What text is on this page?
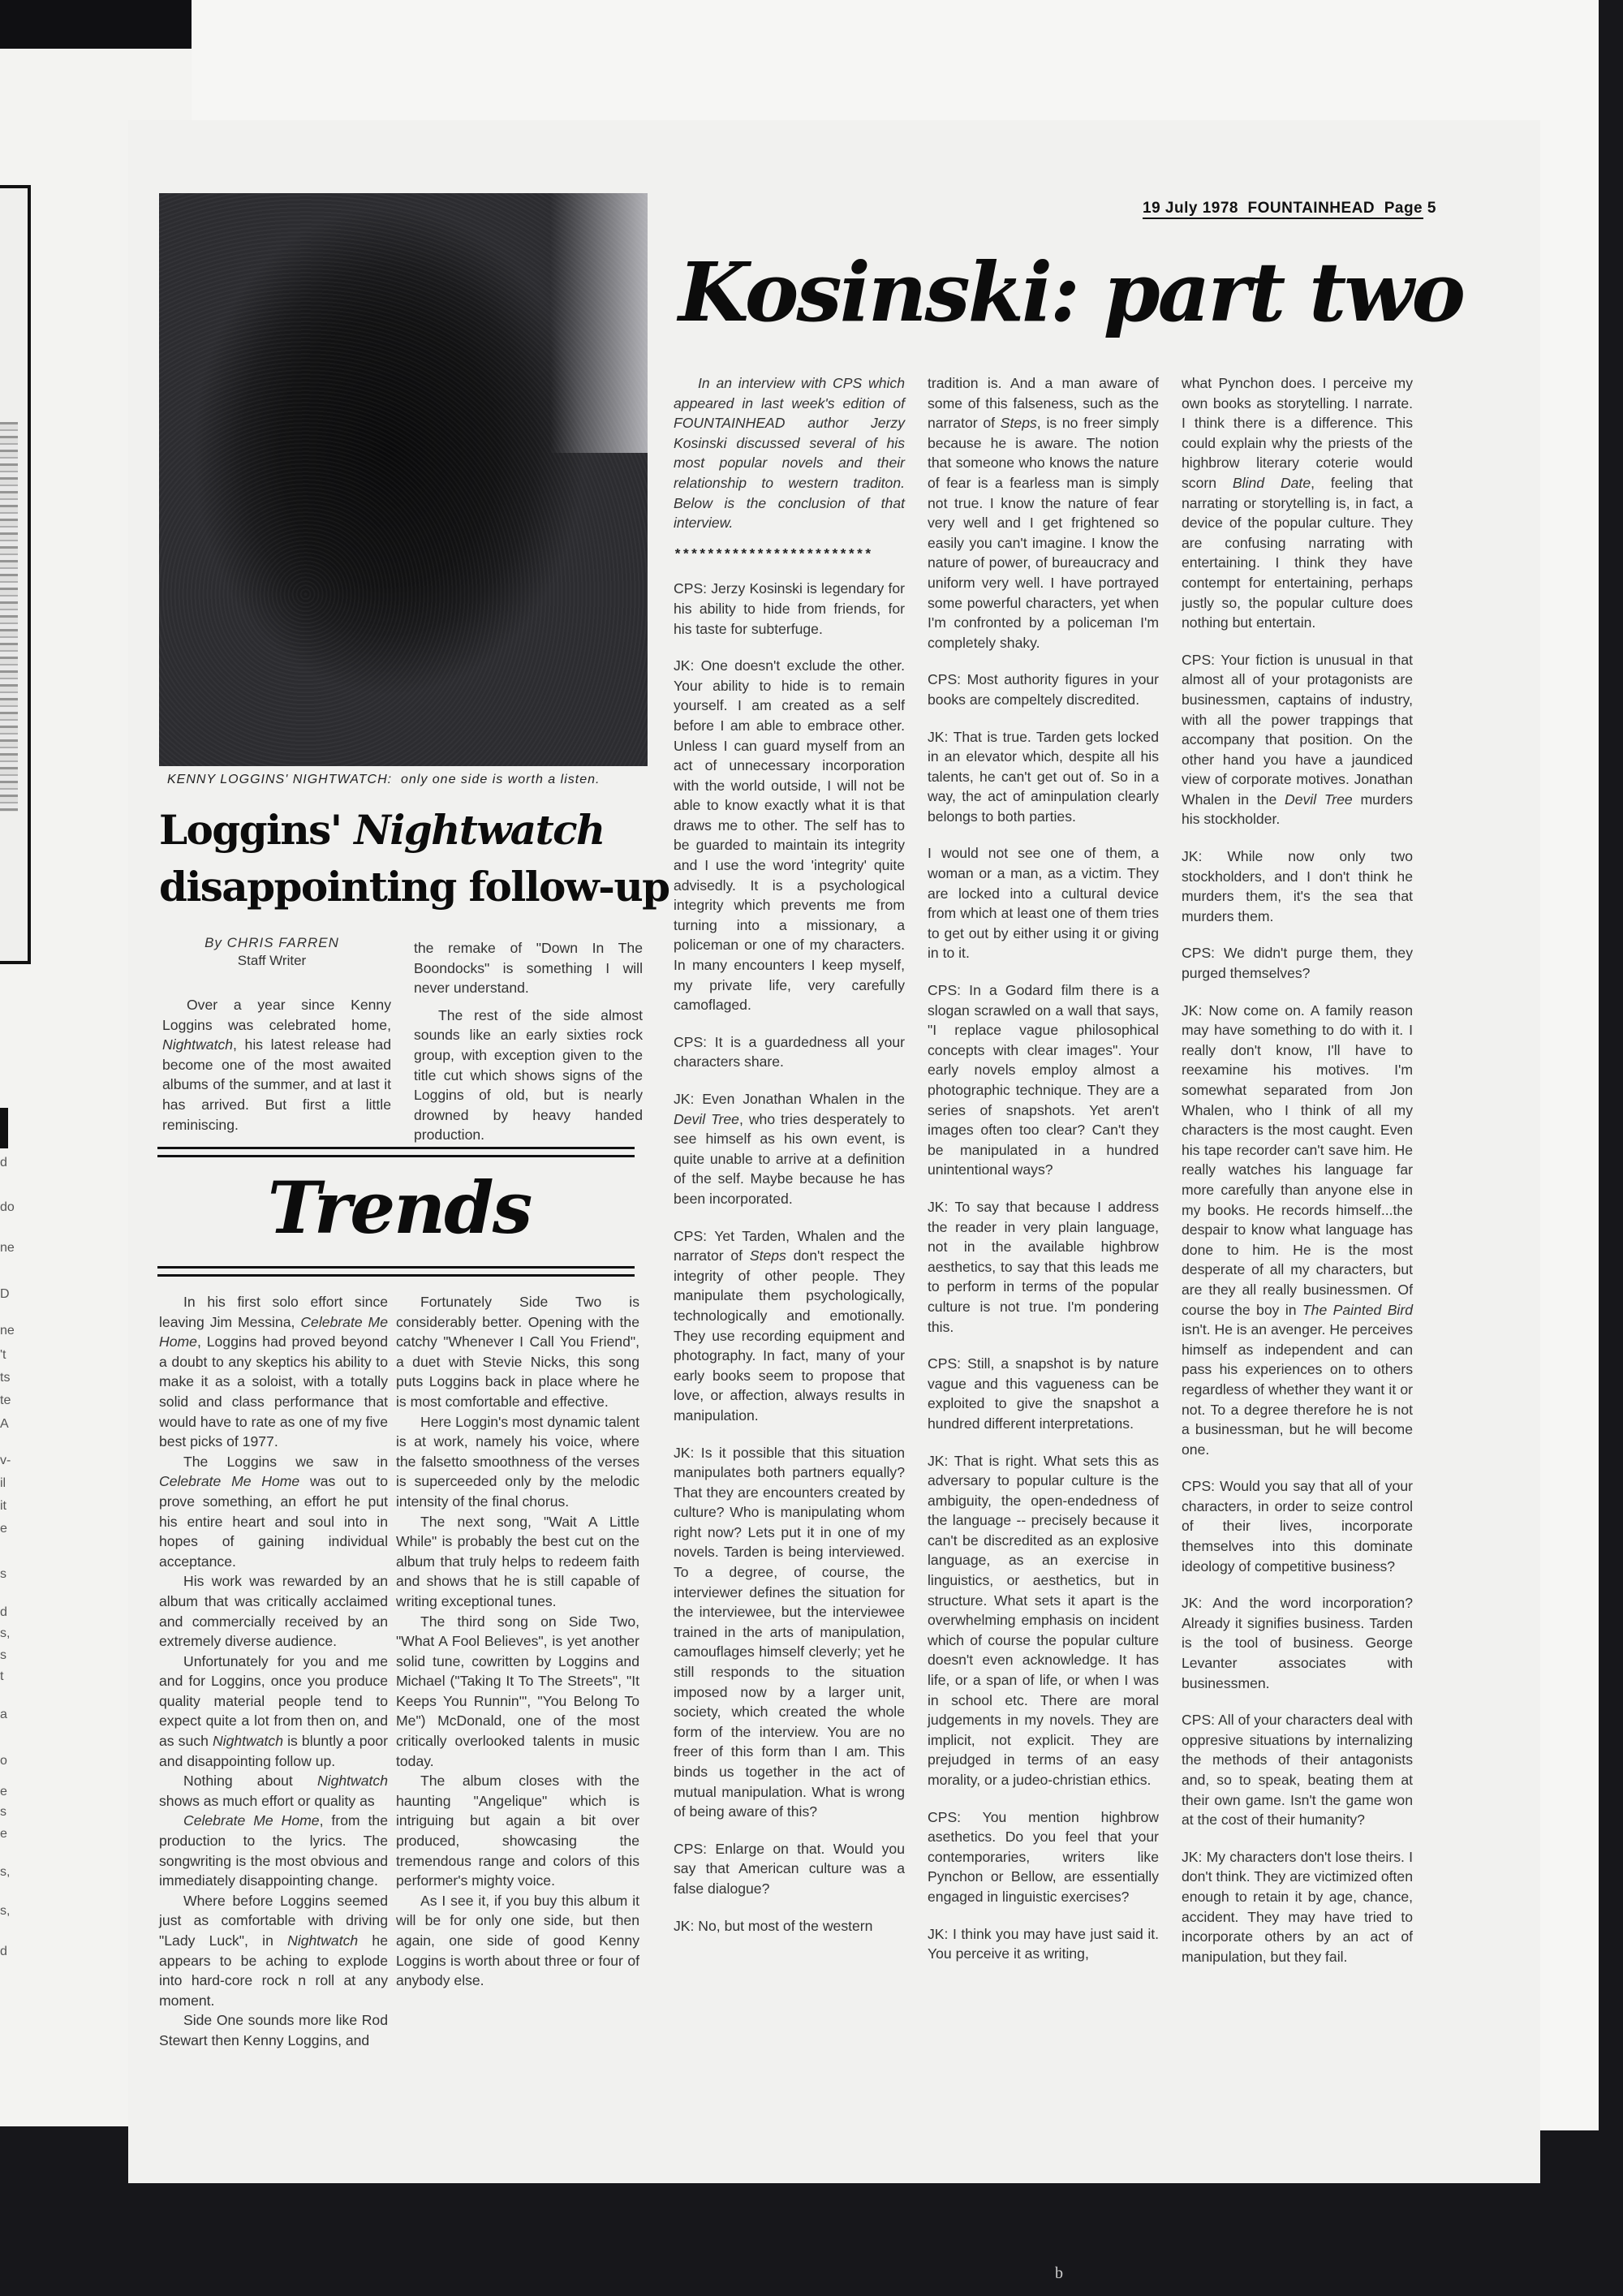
d
do
ne
D
ne
't
ts
te
A
v-
il
it
e
s
d
s,
s
t
a
o
e
s
e
s,
s,
d
19 July 1978 FOUNTAINHEAD Page 5
KENNY LOGGINS' NIGHTWATCH:  only one side is worth a listen.
Loggins' Nightwatch
disappointing follow-up
Kosinski: part two
By CHRIS FARREN
Staff Writer

Over a year since Kenny Loggins was celebrated home, Nightwatch, his latest release had become one of the most awaited albums of the summer, and at last it has arrived. But first a little reminiscing.

the remake of "Down In The Boondocks" is something I will never understand.

The rest of the side almost sounds like an early sixties rock group, with exception given to the title cut which shows signs of the Loggins of old, but is nearly drowned by heavy handed production.

Trends

In his first solo effort since leaving Jim Messina, Celebrate Me Home, Loggins had proved beyond a doubt to any skeptics his ability to make it as a soloist, with a totally solid and class performance that would have to rate as one of my five best picks of 1977.

The Loggins we saw in Celebrate Me Home was out to prove something, an effort he put his entire heart and soul into in hopes of gaining individual acceptance.

His work was rewarded by an album that was critically acclaimed and commercially received by an extremely diverse audience.

Unfortunately for you and me and for Loggins, once you produce quality material people tend to expect quite a lot from then on, and as such Nightwatch is bluntly a poor and disappointing follow up.

Nothing about Nightwatch shows as much effort or quality as

Celebrate Me Home, from the production to the lyrics. The songwriting is the most obvious and immediately disappointing change.

Where before Loggins seemed just as comfortable with driving "Lady Luck", in Nightwatch he appears to be aching to explode into hard-core rock n roll at any moment.

Side One sounds more like Rod Stewart then Kenny Loggins, and

Fortunately Side Two is considerably better. Opening with the catchy "Whenever I Call You Friend", a duet with Stevie Nicks, this song puts Loggins back in place where he is most comfortable and effective.

Here Loggin's most dynamic talent is at work, namely his voice, where the falsetto smoothness of the verses is superceeded only by the melodic intensity of the final chorus.

The next song, "Wait A Little While" is probably the best cut on the album that truly helps to redeem faith and shows that he is still capable of writing exceptional tunes.

The third song on Side Two, "What A Fool Believes", is yet another solid tune, cowritten by Loggins and Michael ("Taking It To The Streets", "It Keeps You Runnin'", "You Belong To Me") McDonald, one of the most critically overlooked talents in music today.

The album closes with the haunting "Angelique" which is intriguing but again a bit over produced, showcasing the tremendous range and colors of this performer's mighty voice.

As I see it, if you buy this album it will be for only one side, but then again, one side of good Kenny Loggins is worth about three or four of anybody else.

In an interview with CPS which appeared in last week's edition of FOUNTAINHEAD author Jerzy Kosinski discussed several of his most popular novels and their relationship to western traditon. Below is the conclusion of that interview.

************************

CPS: Jerzy Kosinski is legendary for his ability to hide from friends, for his taste for subterfuge.

JK: One doesn't exclude the other. Your ability to hide is to remain yourself. I am created as a self before I am able to embrace other. Unless I can guard myself from an act of unnecessary incorporation with the world outside, I will not be able to know exactly what it is that draws me to other. The self has to be guarded to maintain its integrity and I use the word 'integrity' quite advisedly. It is a psychological integrity which prevents me from turning into a missionary, a policeman or one of my characters. In many encounters I keep myself, my private life, very carefully camoflaged.

CPS: It is a guardedness all your characters share.

JK: Even Jonathan Whalen in the Devil Tree, who tries desperately to see himself as his own event, is quite unable to arrive at a definition of the self. Maybe because he has been incorporated.

CPS: Yet Tarden, Whalen and the narrator of Steps don't respect the integrity of other people. They manipulate them psychologically, technologically and emotionally. They use recording equipment and photography. In fact, many of your early books seem to propose that love, or affection, always results in manipulation.

JK: Is it possible that this situation manipulates both partners equally? That they are encounters created by culture? Who is manipulating whom right now? Lets put it in one of my novels. Tarden is being interviewed. To a degree, of course, the interviewer defines the situation for the interviewee, but the interviewee trained in the arts of manipulation, camouflages himself cleverly; yet he still responds to the situation imposed now by a larger unit, society, which created the whole form of the interview. You are no freer of this form than I am. This binds us together in the act of mutual manipulation. What is wrong of being aware of this?

CPS: Enlarge on that. Would you say that American culture was a false dialogue?

JK: No, but most of the western

tradition is. And a man aware of some of this falseness, such as the narrator of Steps, is no freer simply because he is aware. The notion that someone who knows the nature of fear is a fearless man is simply not true. I know the nature of fear very well and I get frightened so easily you can't imagine. I know the nature of power, of bureaucracy and uniform very well. I have portrayed some powerful characters, yet when I'm confronted by a policeman I'm completely shaky.

CPS: Most authority figures in your books are compeltely discredited.

JK: That is true. Tarden gets locked in an elevator which, despite all his talents, he can't get out of. So in a way, the act of aminpulation clearly belongs to both parties.

I would not see one of them, a woman or a man, as a victim. They are locked into a cultural device from which at least one of them tries to get out by either using it or giving in to it.

CPS: In a Godard film there is a slogan scrawled on a wall that says, "I replace vague philosophical concepts with clear images". Your early novels employ almost a photographic technique. They are a series of snapshots. Yet aren't images often too clear? Can't they be manipulated in a hundred unintentional ways?

JK: To say that because I address the reader in very plain language, not in the available highbrow aesthetics, to say that this leads me to perform in terms of the popular culture is not true. I'm pondering this.

CPS: Still, a snapshot is by nature vague and this vagueness can be exploited to give the snapshot a hundred different interpretations.

JK: That is right. What sets this as adversary to popular culture is the ambiguity, the open-endedness of the language -- precisely because it can't be discredited as an explosive language, as an exercise in linguistics, or aesthetics, but in structure. What sets it apart is the overwhelming emphasis on incident which of course the popular culture doesn't even acknowledge. It has life, or a span of life, or when I was in school etc. There are moral judgements in my novels. They are implicit, not explicit. They are prejudged in terms of an easy morality, or a judeo-christian ethics.

CPS: You mention highbrow asethetics. Do you feel that your contemporaries, writers like Pynchon or Bellow, are essentially engaged in linguistic exercises?

JK: I think you may have just said it. You perceive it as writing,

what Pynchon does. I perceive my own books as storytelling. I narrate. I think there is a difference. This could explain why the priests of the highbrow literary coterie would scorn Blind Date, feeling that narrating or storytelling is, in fact, a device of the popular culture. They are confusing narrating with entertaining. I think they have contempt for entertaining, perhaps justly so, the popular culture does nothing but entertain.

CPS: Your fiction is unusual in that almost all of your protagonists are businessmen, captains of industry, with all the power trappings that accompany that position. On the other hand you have a jaundiced view of corporate motives. Jonathan Whalen in the Devil Tree murders his stockholder.

JK: While now only two stockholders, and I don't think he murders them, it's the sea that murders them.

CPS: We didn't purge them, they purged themselves?

JK: Now come on. A family reason may have something to do with it. I really don't know, I'll have to reexamine his motives. I'm somewhat separated from Jon Whalen, who I think of all my characters is the most caught. Even his tape recorder can't save him. He really watches his language far more carefully than anyone else in my books. He records himself...the despair to know what language has done to him. He is the most desperate of all my characters, but are they all really businessmen. Of course the boy in The Painted Bird isn't. He is an avenger. He perceives himself as independent and can pass his experiences on to others regardless of whether they want it or not. To a degree therefore he is not a businessman, but he will become one.

CPS: Would you say that all of your characters, in order to seize control of their lives, incorporate themselves into this dominate ideology of competitive business?

JK: And the word incorporation? Already it signifies business. Tarden is the tool of business. George Levanter associates with businessmen.

CPS: All of your characters deal with oppresive situations by internalizing the methods of their antagonists and, so to speak, beating them at their own game. Isn't the game won at the cost of their humanity?

JK: My characters don't lose theirs. I don't think. They are victimized often enough to retain it by age, chance, accident. They may have tried to incorporate others by an act of manipulation, but they fail.

b
